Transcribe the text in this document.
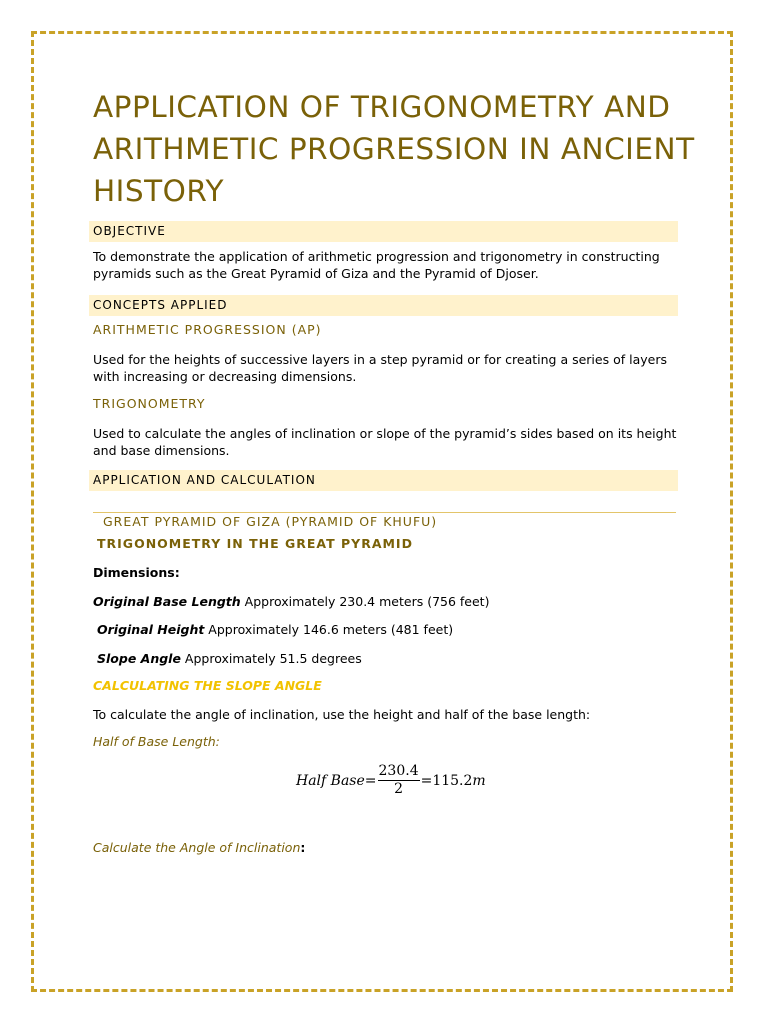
APPLICATION OF TRIGONOMETRY AND ARITHMETIC PROGRESSION IN ANCIENT HISTORY
OBJECTIVE

To demonstrate the application of arithmetic progression and trigonometry in constructing pyramids such as the Great Pyramid of Giza and the Pyramid of Djoser.

CONCEPTS APPLIED

ARITHMETIC PROGRESSION (AP)

Used for the heights of successive layers in a step pyramid or for creating a series of layers with increasing or decreasing dimensions.

TRIGONOMETRY

Used to calculate the angles of inclination or slope of the pyramid’s sides based on its height and base dimensions.

APPLICATION AND CALCULATION

GREAT PYRAMID OF GIZA (PYRAMID OF KHUFU)

TRIGONOMETRY IN THE GREAT PYRAMID

Dimensions:

Original Base Length Approximately 230.4 meters (756 feet)

Original Height Approximately 146.6 meters (481 feet)

Slope Angle Approximately 51.5 degrees

CALCULATING THE SLOPE ANGLE

To calculate the angle of inclination, use the height and half of the base length:

Half of Base Length:

Half Base = $\frac{230.4}{2} =115.2$ m

Calculate the Angle of Inclination:
